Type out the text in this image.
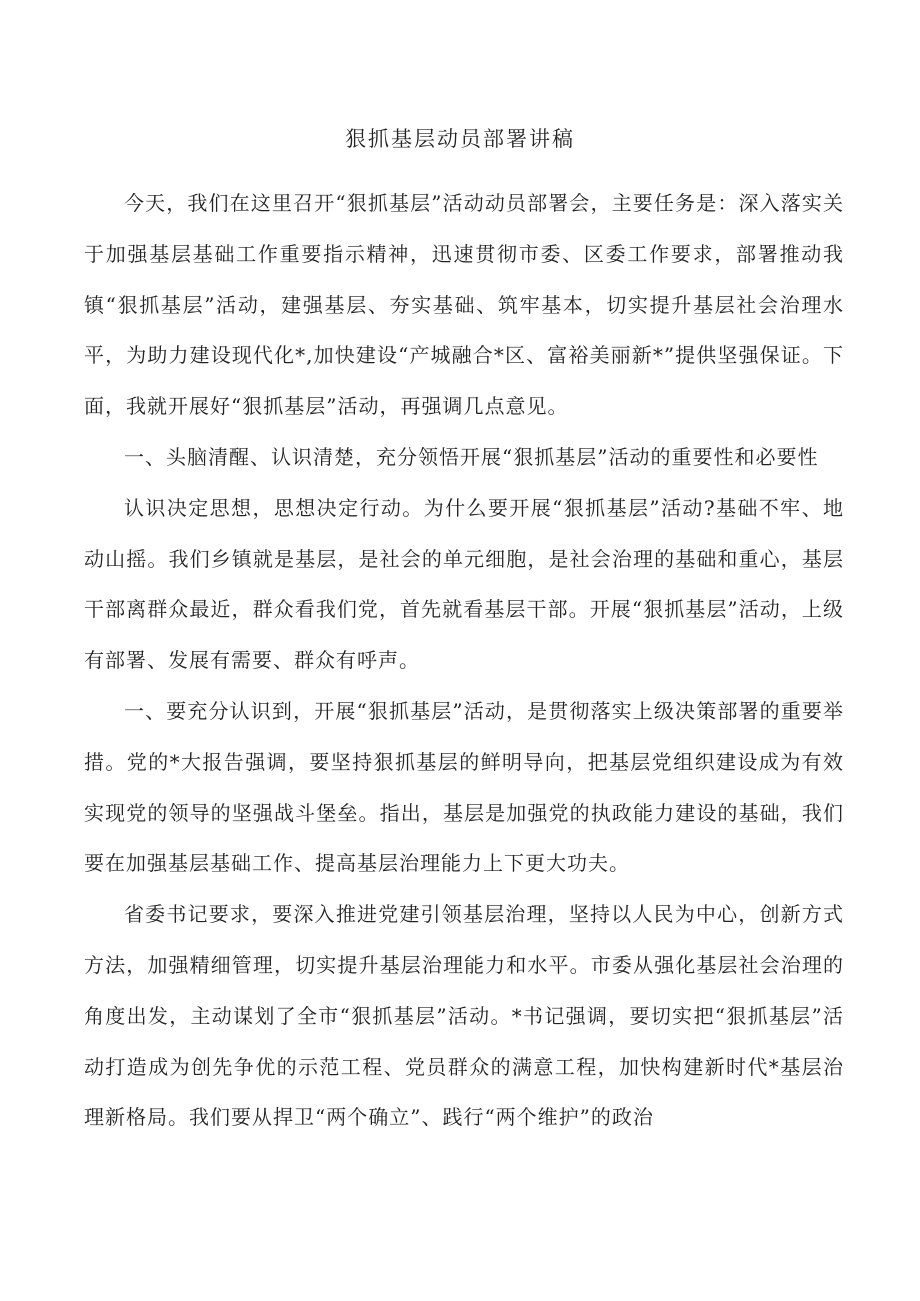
狠抓基层动员部署讲稿

今天，我们在这里召开“狠抓基层”活动动员部署会，主要任务是：深入落实关于加强基层基础工作重要指示精神，迅速贯彻市委、区委工作要求，部署推动我镇“狠抓基层”活动，建强基层、夯实基础、筑牢基本，切实提升基层社会治理水平，为助力建设现代化*,加快建设“产城融合*区、富裕美丽新*”提供坚强保证。下面，我就开展好“狠抓基层”活动，再强调几点意见。

一、头脑清醒、认识清楚，充分领悟开展“狠抓基层”活动的重要性和必要性

认识决定思想，思想决定行动。为什么要开展“狠抓基层”活动?基础不牢、地动山摇。我们乡镇就是基层，是社会的单元细胞，是社会治理的基础和重心，基层干部离群众最近，群众看我们党，首先就看基层干部。开展“狠抓基层”活动，上级有部署、发展有需要、群众有呼声。

一、要充分认识到，开展“狠抓基层”活动，是贯彻落实上级决策部署的重要举措。党的*大报告强调，要坚持狠抓基层的鲜明导向，把基层党组织建设成为有效实现党的领导的坚强战斗堡垒。指出，基层是加强党的执政能力建设的基础，我们要在加强基层基础工作、提高基层治理能力上下更大功夫。

省委书记要求，要深入推进党建引领基层治理，坚持以人民为中心，创新方式方法，加强精细管理，切实提升基层治理能力和水平。市委从强化基层社会治理的角度出发，主动谋划了全市“狠抓基层”活动。*书记强调，要切实把“狠抓基层”活动打造成为创先争优的示范工程、党员群众的满意工程，加快构建新时代*基层治理新格局。我们要从捍卫“两个确立”、践行“两个维护”的政治
